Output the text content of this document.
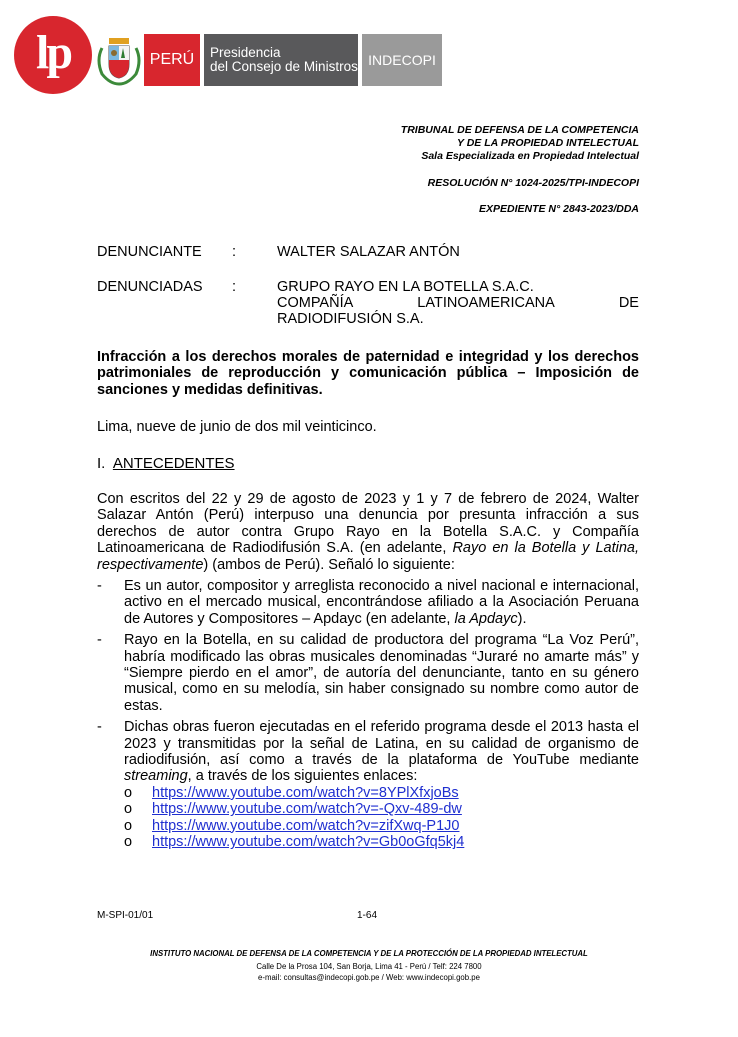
lp	PERÚ Presidencia
del Consejo de Ministros INDECOPI
TRIBUNAL DE DEFENSA DE LA COMPETENCIA
Y DE LA PROPIEDAD INTELECTUAL
Sala Especializada en Propiedad Intelectual
RESOLUCIÓN N° 1024-2025/TPI-INDECOPI
EXPEDIENTE N° 2843-2023/DDA
DENUNCIANTE :	WALTER SALAZAR ANTÓN
DENUNCIADAS :	GRUPO RAYO EN LA BOTELLA S.A.C.
COMPAÑÍA	LATINOAMERICANA	DE
RADIODIFUSIÓN S.A.
Infracción a los derechos morales de paternidad e integridad y los derechos patrimoniales de reproducción y comunicación pública – Imposición de sanciones y medidas definitivas.
Lima, nueve de junio de dos mil veinticinco.
I. ANTECEDENTES
Con escritos del 22 y 29 de agosto de 2023 y 1 y 7 de febrero de 2024, Walter Salazar Antón (Perú) interpuso una denuncia por presunta infracción a sus derechos de autor contra Grupo Rayo en la Botella S.A.C. y Compañía Latinoamericana de Radiodifusión S.A. (en adelante, Rayo en la Botella y Latina, respectivamente) (ambos de Perú). Señaló lo siguiente:
- Es un autor, compositor y arreglista reconocido a nivel nacional e internacional, activo en el mercado musical, encontrándose afiliado a la Asociación Peruana de Autores y Compositores – Apdayc (en adelante, la Apdayc).
- Rayo en la Botella, en su calidad de productora del programa “La Voz Perú”, habría modificado las obras musicales denominadas “Juraré no amarte más” y “Siempre pierdo en el amor”, de autoría del denunciante, tanto en su género musical, como en su melodía, sin haber consignado su nombre como autor de estas.
- Dichas obras fueron ejecutadas en el referido programa desde el 2013 hasta el 2023 y transmitidas por la señal de Latina, en su calidad de organismo de radiodifusión, así como a través de la plataforma de YouTube mediante streaming, a través de los siguientes enlaces:
o https://www.youtube.com/watch?v=8YPlXfxjoBs
o https://www.youtube.com/watch?v=-Qxv-489-dw
o https://www.youtube.com/watch?v=zifXwq-P1J0
o https://www.youtube.com/watch?v=Gb0oGfq5kj4
M-SPI-01/01	1-64
INSTITUTO NACIONAL DE DEFENSA DE LA COMPETENCIA Y DE LA PROTECCIÓN DE LA PROPIEDAD INTELECTUAL
Calle De la Prosa 104, San Borja, Lima 41 - Perú / Telf: 224 7800
e-mail: consultas@indecopi.gob.pe / Web: www.indecopi.gob.pe
